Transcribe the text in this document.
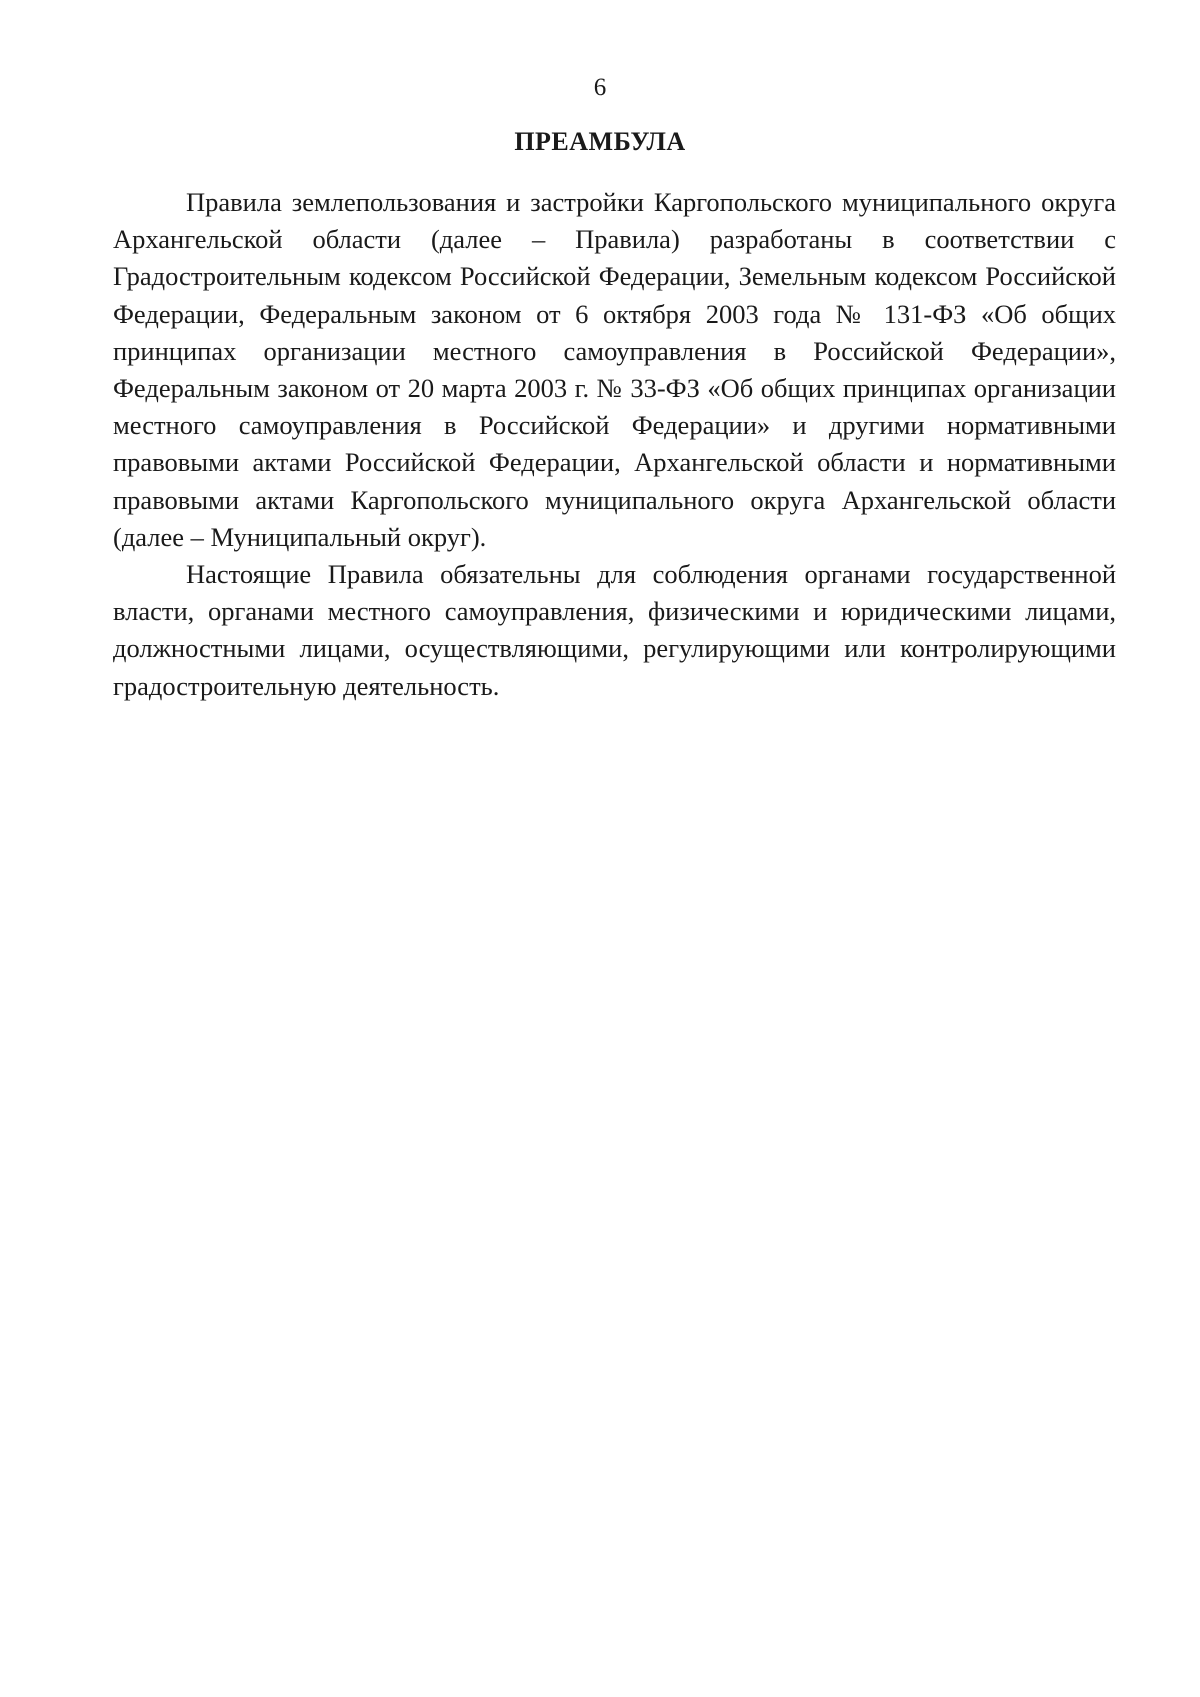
6
ПРЕАМБУЛА

Правила землепользования и застройки Каргопольского муниципального округа Архангельской области (далее – Правила) разработаны в соответствии с Градостроительным кодексом Российской Федерации, Земельным кодексом Российской Федерации, Федеральным законом от 6 октября 2003 года № 131-ФЗ «Об общих принципах организации местного самоуправления в Российской Федерации», Федеральным законом от 20 марта 2003 г. № 33-ФЗ «Об общих принципах организации местного самоуправления в Российской Федерации» и другими нормативными правовыми актами Российской Федерации, Архангельской области и нормативными правовыми актами Каргопольского муниципального округа Архангельской области (далее – Муниципальный округ).

Настоящие Правила обязательны для соблюдения органами государственной власти, органами местного самоуправления, физическими и юридическими лицами, должностными лицами, осуществляющими, регулирующими или контролирующими градостроительную деятельность.
